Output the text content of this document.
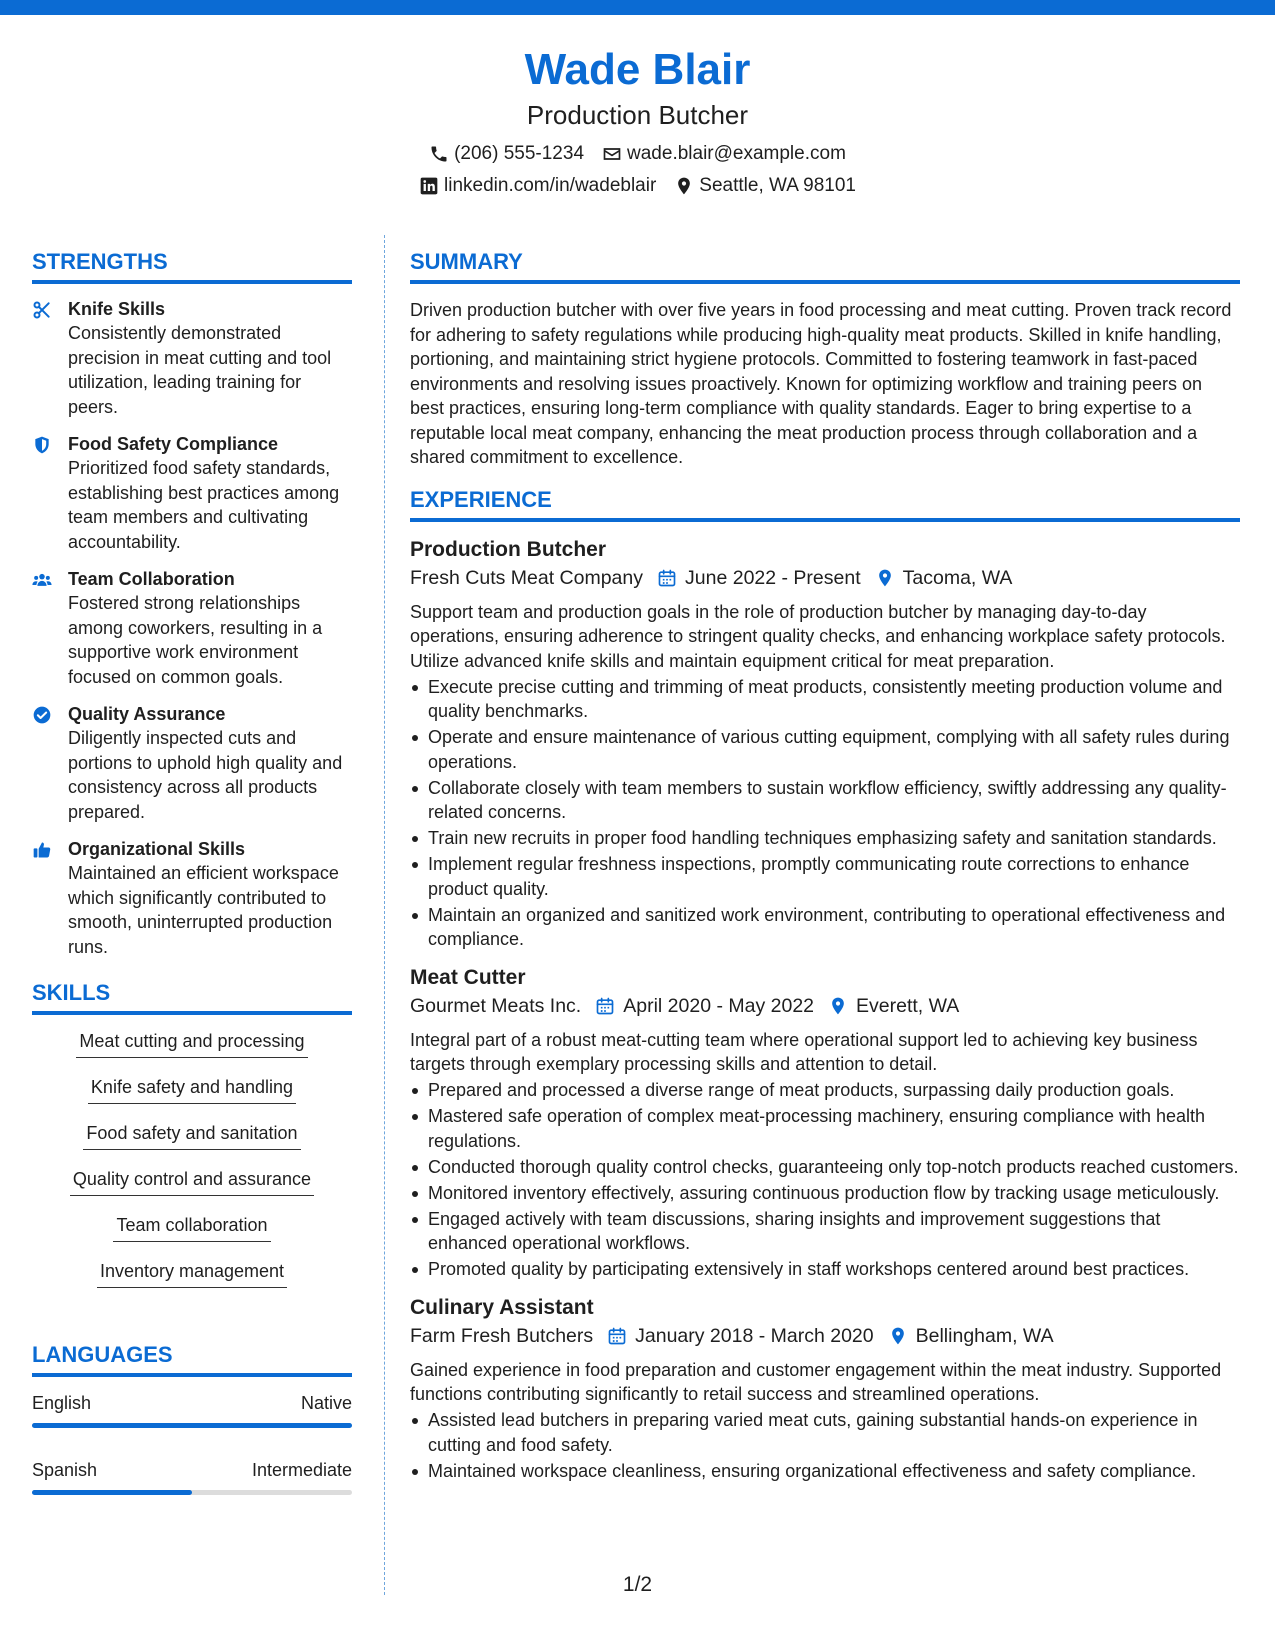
Wade Blair
Production Butcher
(206) 555-1234 wade.blair@example.com
linkedin.com/in/wadeblair Seattle, WA 98101
STRENGTHS
Knife Skills
Consistently demonstrated precision in meat cutting and tool utilization, leading training for peers.
Food Safety Compliance
Prioritized food safety standards, establishing best practices among team members and cultivating accountability.
Team Collaboration
Fostered strong relationships among coworkers, resulting in a supportive work environment focused on common goals.
Quality Assurance
Diligently inspected cuts and portions to uphold high quality and consistency across all products prepared.
Organizational Skills
Maintained an efficient workspace which significantly contributed to smooth, uninterrupted production runs.
SKILLS
Meat cutting and processing
Knife safety and handling
Food safety and sanitation
Quality control and assurance
Team collaboration
Inventory management
LANGUAGES
English	Native
Spanish	Intermediate
SUMMARY
Driven production butcher with over five years in food processing and meat cutting. Proven track record for adhering to safety regulations while producing high-quality meat products. Skilled in knife handling, portioning, and maintaining strict hygiene protocols. Committed to fostering teamwork in fast-paced environments and resolving issues proactively. Known for optimizing workflow and training peers on best practices, ensuring long-term compliance with quality standards. Eager to bring expertise to a reputable local meat company, enhancing the meat production process through collaboration and a shared commitment to excellence.
EXPERIENCE
Production Butcher
Fresh Cuts Meat Company June 2022 - Present Tacoma, WA
Support team and production goals in the role of production butcher by managing day-to-day operations, ensuring adherence to stringent quality checks, and enhancing workplace safety protocols. Utilize advanced knife skills and maintain equipment critical for meat preparation.
Execute precise cutting and trimming of meat products, consistently meeting production volume and quality benchmarks.
Operate and ensure maintenance of various cutting equipment, complying with all safety rules during operations.
Collaborate closely with team members to sustain workflow efficiency, swiftly addressing any quality-related concerns.
Train new recruits in proper food handling techniques emphasizing safety and sanitation standards.
Implement regular freshness inspections, promptly communicating route corrections to enhance product quality.
Maintain an organized and sanitized work environment, contributing to operational effectiveness and compliance.
Meat Cutter
Gourmet Meats Inc. April 2020 - May 2022 Everett, WA
Integral part of a robust meat-cutting team where operational support led to achieving key business targets through exemplary processing skills and attention to detail.
Prepared and processed a diverse range of meat products, surpassing daily production goals.
Mastered safe operation of complex meat-processing machinery, ensuring compliance with health regulations.
Conducted thorough quality control checks, guaranteeing only top-notch products reached customers.
Monitored inventory effectively, assuring continuous production flow by tracking usage meticulously.
Engaged actively with team discussions, sharing insights and improvement suggestions that enhanced operational workflows.
Promoted quality by participating extensively in staff workshops centered around best practices.
Culinary Assistant
Farm Fresh Butchers January 2018 - March 2020 Bellingham, WA
Gained experience in food preparation and customer engagement within the meat industry. Supported functions contributing significantly to retail success and streamlined operations.
Assisted lead butchers in preparing varied meat cuts, gaining substantial hands-on experience in cutting and food safety.
Maintained workspace cleanliness, ensuring organizational effectiveness and safety compliance.
1/2
